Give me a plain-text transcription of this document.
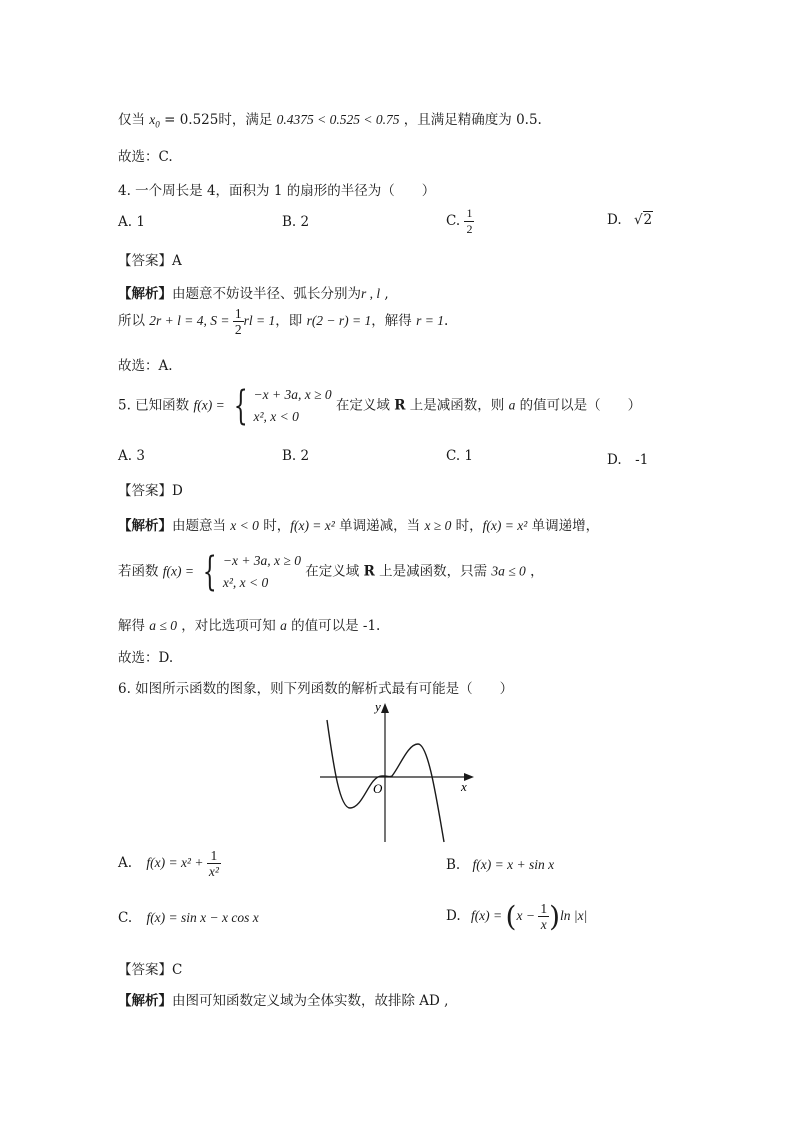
仅当 $x_0 = 0.525$时，满足 0.4375 < 0.525 < 0.75 ，且满足精确度为 0.5.
故选：C.
4. 一个周长是 4，面积为 1 的扇形的半径为（　　）
A. 1	B. 2	C. $\frac{1}{2}$	D. √2
【答案】A
【解析】由题意不妨设半径、弧长分别为r , l ,
所以 2r + l = 4, $S = \frac{1}{2}$ rl = 1，即 r(2 − r) = 1，解得 r = 1.
故选：A.
5. 已知函数 f(x) = { −x + 3a, x ≥ 0
x², x < 0
在定义域 R 上是减函数，则 a 的值可以是（　　）
A. 3	B. 2	C. 1	D.　-1
【答案】D
【解析】由题意当 x < 0 时，f(x) = x² 单调递减，当 x ≥ 0 时，f(x) = x² 单调递增，
若函数 f(x) = { −x + 3a, x ≥ 0
x², x < 0
在定义域 R 上是减函数，只需 3a ≤ 0 ，
解得 a ≤ 0 ，对比选项可知 a 的值可以是 -1.
故选：D.
6. 如图所示函数的图象，则下列函数的解析式最有可能是（　　）
O
y
x
A. $f(x) = x^2 + \frac{1}{\text{x²}}$	B. f(x) = x + sin x
C. f(x) = sin x − x cos x	D. $f(x) = (x - \frac{1}{x} )\ln$ |x|
【答案】C
【解析】由图可知函数定义域为全体实数，故排除 AD ,
